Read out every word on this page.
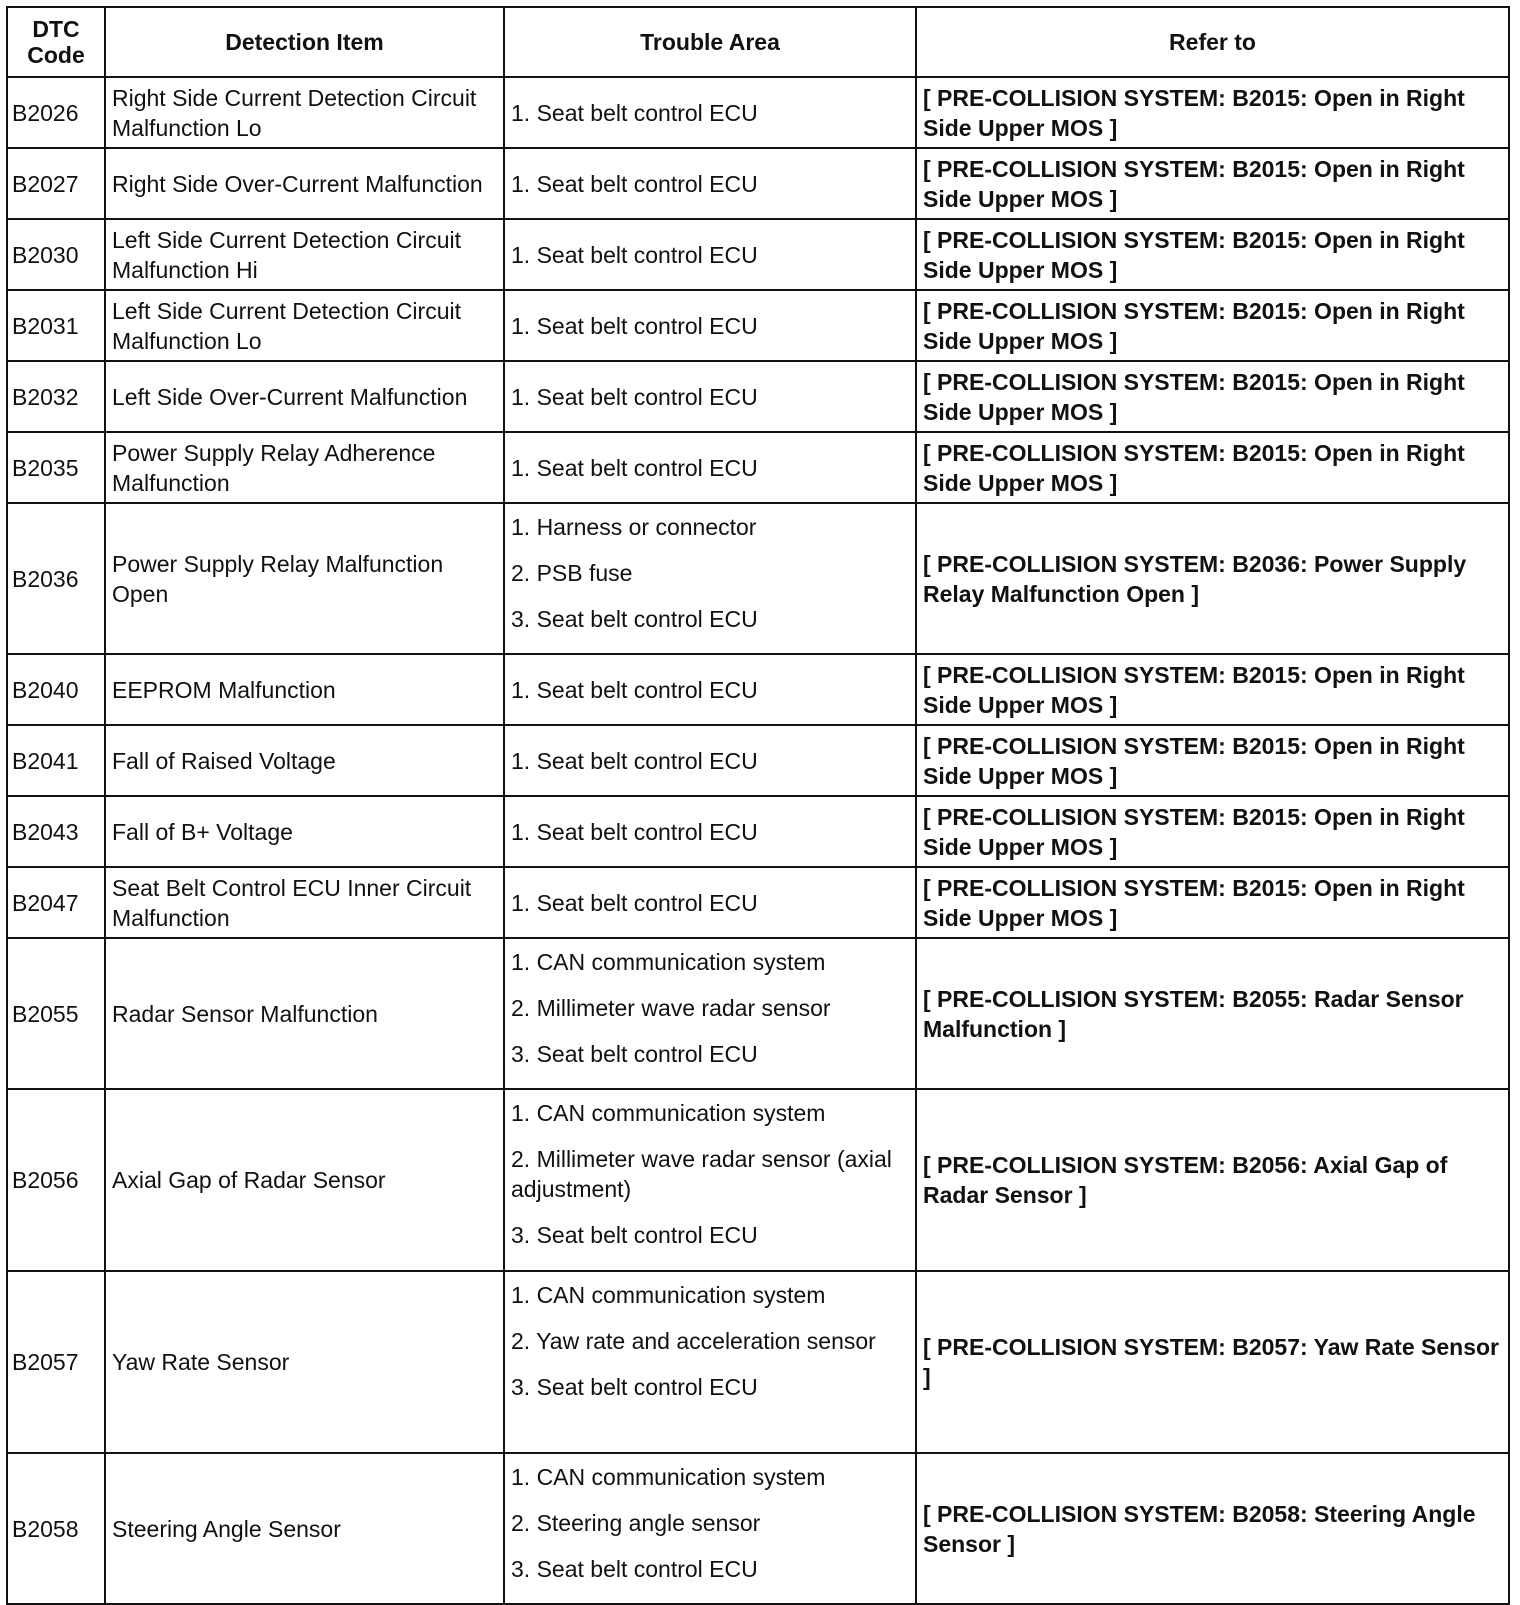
DTC Code	Detection Item	Trouble Area	Refer to
B2026	Right Side Current Detection Circuit Malfunction Lo	1. Seat belt control ECU	[ PRE-COLLISION SYSTEM: B2015: Open in Right Side Upper MOS ]
B2027	Right Side Over-Current Malfunction	1. Seat belt control ECU	[ PRE-COLLISION SYSTEM: B2015: Open in Right Side Upper MOS ]
B2030	Left Side Current Detection Circuit Malfunction Hi	1. Seat belt control ECU	[ PRE-COLLISION SYSTEM: B2015: Open in Right Side Upper MOS ]
B2031	Left Side Current Detection Circuit Malfunction Lo	1. Seat belt control ECU	[ PRE-COLLISION SYSTEM: B2015: Open in Right Side Upper MOS ]
B2032	Left Side Over-Current Malfunction	1. Seat belt control ECU	[ PRE-COLLISION SYSTEM: B2015: Open in Right Side Upper MOS ]
B2035	Power Supply Relay Adherence Malfunction	1. Seat belt control ECU	[ PRE-COLLISION SYSTEM: B2015: Open in Right Side Upper MOS ]
B2036	Power Supply Relay Malfunction Open	1. Harness or connector
2. PSB fuse
3. Seat belt control ECU	[ PRE-COLLISION SYSTEM: B2036: Power Supply Relay Malfunction Open ]
B2040	EEPROM Malfunction	1. Seat belt control ECU	[ PRE-COLLISION SYSTEM: B2015: Open in Right Side Upper MOS ]
B2041	Fall of Raised Voltage	1. Seat belt control ECU	[ PRE-COLLISION SYSTEM: B2015: Open in Right Side Upper MOS ]
B2043	Fall of B+ Voltage	1. Seat belt control ECU	[ PRE-COLLISION SYSTEM: B2015: Open in Right Side Upper MOS ]
B2047	Seat Belt Control ECU Inner Circuit Malfunction	1. Seat belt control ECU	[ PRE-COLLISION SYSTEM: B2015: Open in Right Side Upper MOS ]
B2055	Radar Sensor Malfunction	1. CAN communication system
2. Millimeter wave radar sensor
3. Seat belt control ECU	[ PRE-COLLISION SYSTEM: B2055: Radar Sensor Malfunction ]
B2056	Axial Gap of Radar Sensor	1. CAN communication system
2. Millimeter wave radar sensor (axial adjustment)
3. Seat belt control ECU	[ PRE-COLLISION SYSTEM: B2056: Axial Gap of Radar Sensor ]
B2057	Yaw Rate Sensor	1. CAN communication system
2. Yaw rate and acceleration sensor
3. Seat belt control ECU	[ PRE-COLLISION SYSTEM: B2057: Yaw Rate Sensor ]
B2058	Steering Angle Sensor	1. CAN communication system
2. Steering angle sensor
3. Seat belt control ECU	[ PRE-COLLISION SYSTEM: B2058: Steering Angle Sensor ]
